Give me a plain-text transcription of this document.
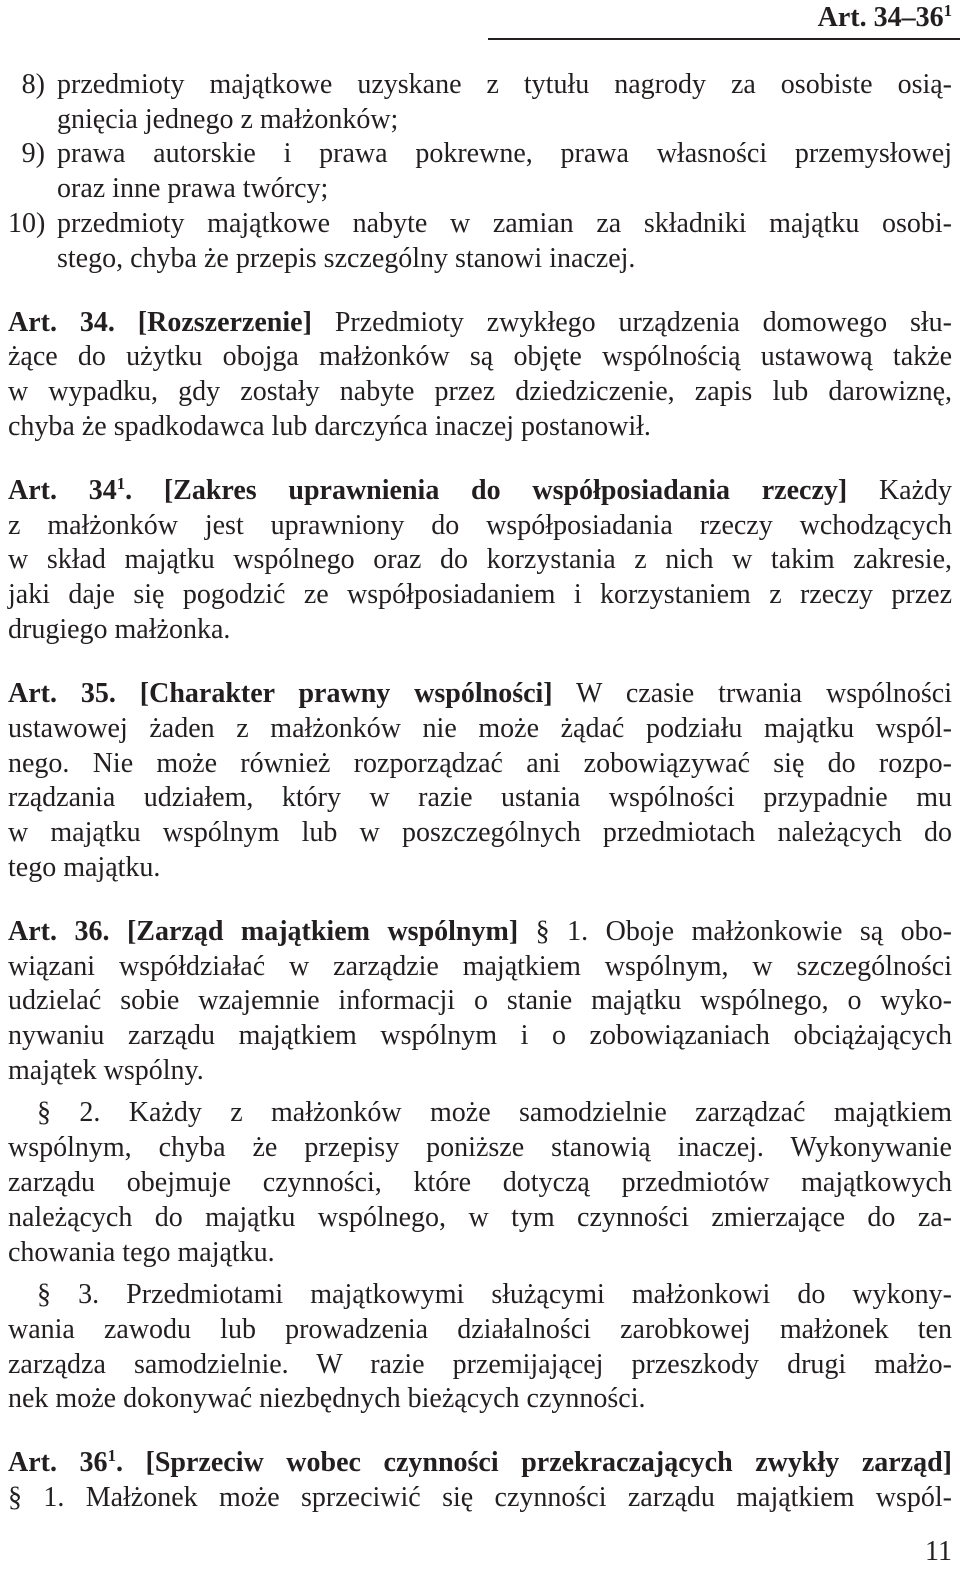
Art. $34-36^1$
8) przedmioty majątkowe uzyskane z tytułu nagrody za osobiste osią-
gnięcia jednego z małżonków;
9) prawa autorskie i prawa pokrewne, prawa własności przemysłowej
oraz inne prawa twórcy;
10) przedmioty majątkowe nabyte w zamian za składniki majątku osobi-
stego, chyba że przepis szczególny stanowi inaczej.
Art. 34. [Rozszerzenie] Przedmioty zwykłego urządzenia domowego słu-
żące do użytku obojga małżonków są objęte wspólnością ustawową także
w wypadku, gdy zostały nabyte przez dziedziczenie, zapis lub darowiznę,
chyba że spadkodawca lub darczyńca inaczej postanowił.
Art. $34^1$. [Zakres uprawnienia do współposiadania rzeczy] Każdy
z małżonków jest uprawniony do współposiadania rzeczy wchodzących
w skład majątku wspólnego oraz do korzystania z nich w takim zakresie,
jaki daje się pogodzić ze współposiadaniem i korzystaniem z rzeczy przez
drugiego małżonka.
Art. 35. [Charakter prawny wspólności] W czasie trwania wspólności
ustawowej żaden z małżonków nie może żądać podziału majątku wspól-
nego. Nie może również rozporządzać ani zobowiązywać się do rozpo-
rządzania udziałem, który w razie ustania wspólności przypadnie mu
w majątku wspólnym lub w poszczególnych przedmiotach należących do
tego majątku.
Art. 36. [Zarząd majątkiem wspólnym] § 1. Oboje małżonkowie są obo-
wiązani współdziałać w zarządzie majątkiem wspólnym, w szczególności
udzielać sobie wzajemnie informacji o stanie majątku wspólnego, o wyko-
nywaniu zarządu majątkiem wspólnym i o zobowiązaniach obciążających
majątek wspólny.
§ 2. Każdy z małżonków może samodzielnie zarządzać majątkiem
wspólnym, chyba że przepisy poniższe stanowią inaczej. Wykonywanie
zarządu obejmuje czynności, które dotyczą przedmiotów majątkowych
należących do majątku wspólnego, w tym czynności zmierzające do za-
chowania tego majątku.
§ 3. Przedmiotami majątkowymi służącymi małżonkowi do wykony-
wania zawodu lub prowadzenia działalności zarobkowej małżonek ten
zarządza samodzielnie. W razie przemijającej przeszkody drugi małżo-
nek może dokonywać niezbędnych bieżących czynności.
Art. $36^1$. [Sprzeciw wobec czynności przekraczających zwykły zarząd]
§ 1. Małżonek może sprzeciwić się czynności zarządu majątkiem wspól-
11
